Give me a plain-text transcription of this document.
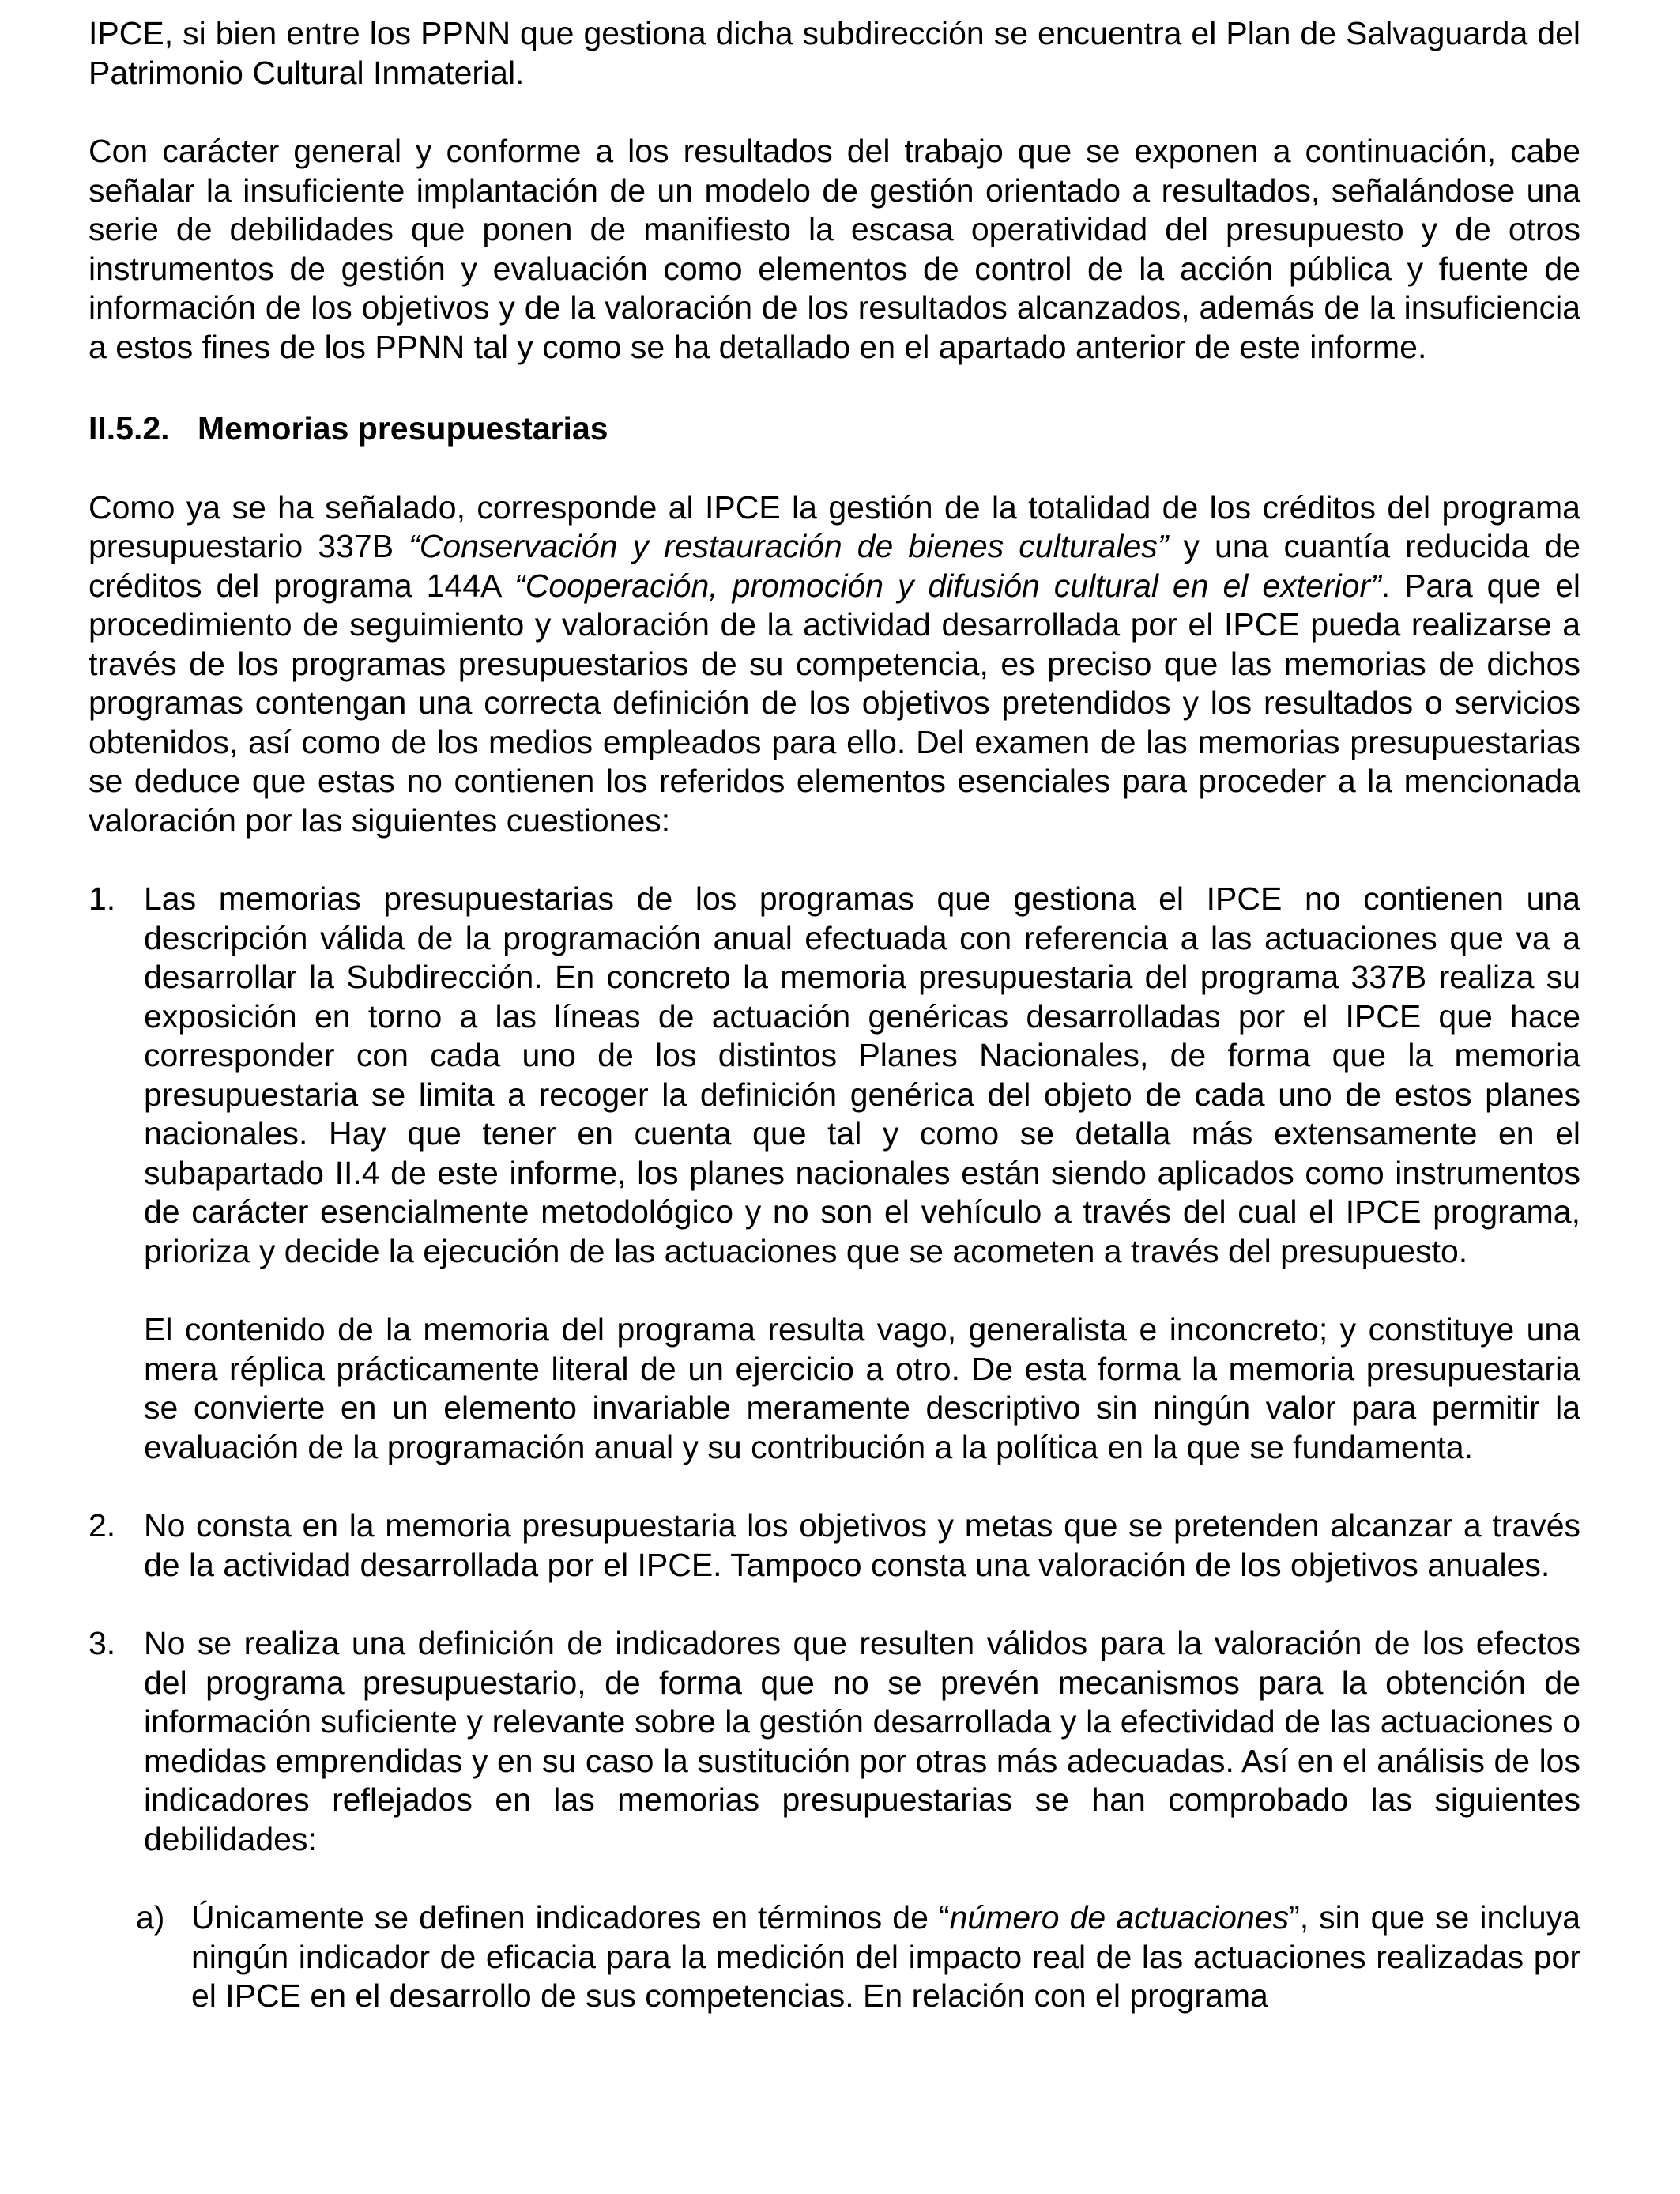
IPCE, si bien entre los PPNN que gestiona dicha subdirección se encuentra el Plan de Salvaguarda del Patrimonio Cultural Inmaterial.

Con carácter general y conforme a los resultados del trabajo que se exponen a continuación, cabe señalar la insuficiente implantación de un modelo de gestión orientado a resultados, señalándose una serie de debilidades que ponen de manifiesto la escasa operatividad del presupuesto y de otros instrumentos de gestión y evaluación como elementos de control de la acción pública y fuente de información de los objetivos y de la valoración de los resultados alcanzados, además de la insuficiencia a estos fines de los PPNN tal y como se ha detallado en el apartado anterior de este informe.

II.5.2. Memorias presupuestarias

Como ya se ha señalado, corresponde al IPCE la gestión de la totalidad de los créditos del programa presupuestario 337B “Conservación y restauración de bienes culturales” y una cuantía reducida de créditos del programa 144A “Cooperación, promoción y difusión cultural en el exterior”. Para que el procedimiento de seguimiento y valoración de la actividad desarrollada por el IPCE pueda realizarse a través de los programas presupuestarios de su competencia, es preciso que las memorias de dichos programas contengan una correcta definición de los objetivos pretendidos y los resultados o servicios obtenidos, así como de los medios empleados para ello. Del examen de las memorias presupuestarias se deduce que estas no contienen los referidos elementos esenciales para proceder a la mencionada valoración por las siguientes cuestiones:

1. Las memorias presupuestarias de los programas que gestiona el IPCE no contienen una descripción válida de la programación anual efectuada con referencia a las actuaciones que va a desarrollar la Subdirección. En concreto la memoria presupuestaria del programa 337B realiza su exposición en torno a las líneas de actuación genéricas desarrolladas por el IPCE que hace corresponder con cada uno de los distintos Planes Nacionales, de forma que la memoria presupuestaria se limita a recoger la definición genérica del objeto de cada uno de estos planes nacionales. Hay que tener en cuenta que tal y como se detalla más extensamente en el subapartado II.4 de este informe, los planes nacionales están siendo aplicados como instrumentos de carácter esencialmente metodológico y no son el vehículo a través del cual el IPCE programa, prioriza y decide la ejecución de las actuaciones que se acometen a través del presupuesto.

El contenido de la memoria del programa resulta vago, generalista e inconcreto; y constituye una mera réplica prácticamente literal de un ejercicio a otro. De esta forma la memoria presupuestaria se convierte en un elemento invariable meramente descriptivo sin ningún valor para permitir la evaluación de la programación anual y su contribución a la política en la que se fundamenta.

2. No consta en la memoria presupuestaria los objetivos y metas que se pretenden alcanzar a través de la actividad desarrollada por el IPCE. Tampoco consta una valoración de los objetivos anuales.

3. No se realiza una definición de indicadores que resulten válidos para la valoración de los efectos del programa presupuestario, de forma que no se prevén mecanismos para la obtención de información suficiente y relevante sobre la gestión desarrollada y la efectividad de las actuaciones o medidas emprendidas y en su caso la sustitución por otras más adecuadas. Así en el análisis de los indicadores reflejados en las memorias presupuestarias se han comprobado las siguientes debilidades:

a) Únicamente se definen indicadores en términos de “número de actuaciones”, sin que se incluya ningún indicador de eficacia para la medición del impacto real de las actuaciones realizadas por el IPCE en el desarrollo de sus competencias. En relación con el programa
